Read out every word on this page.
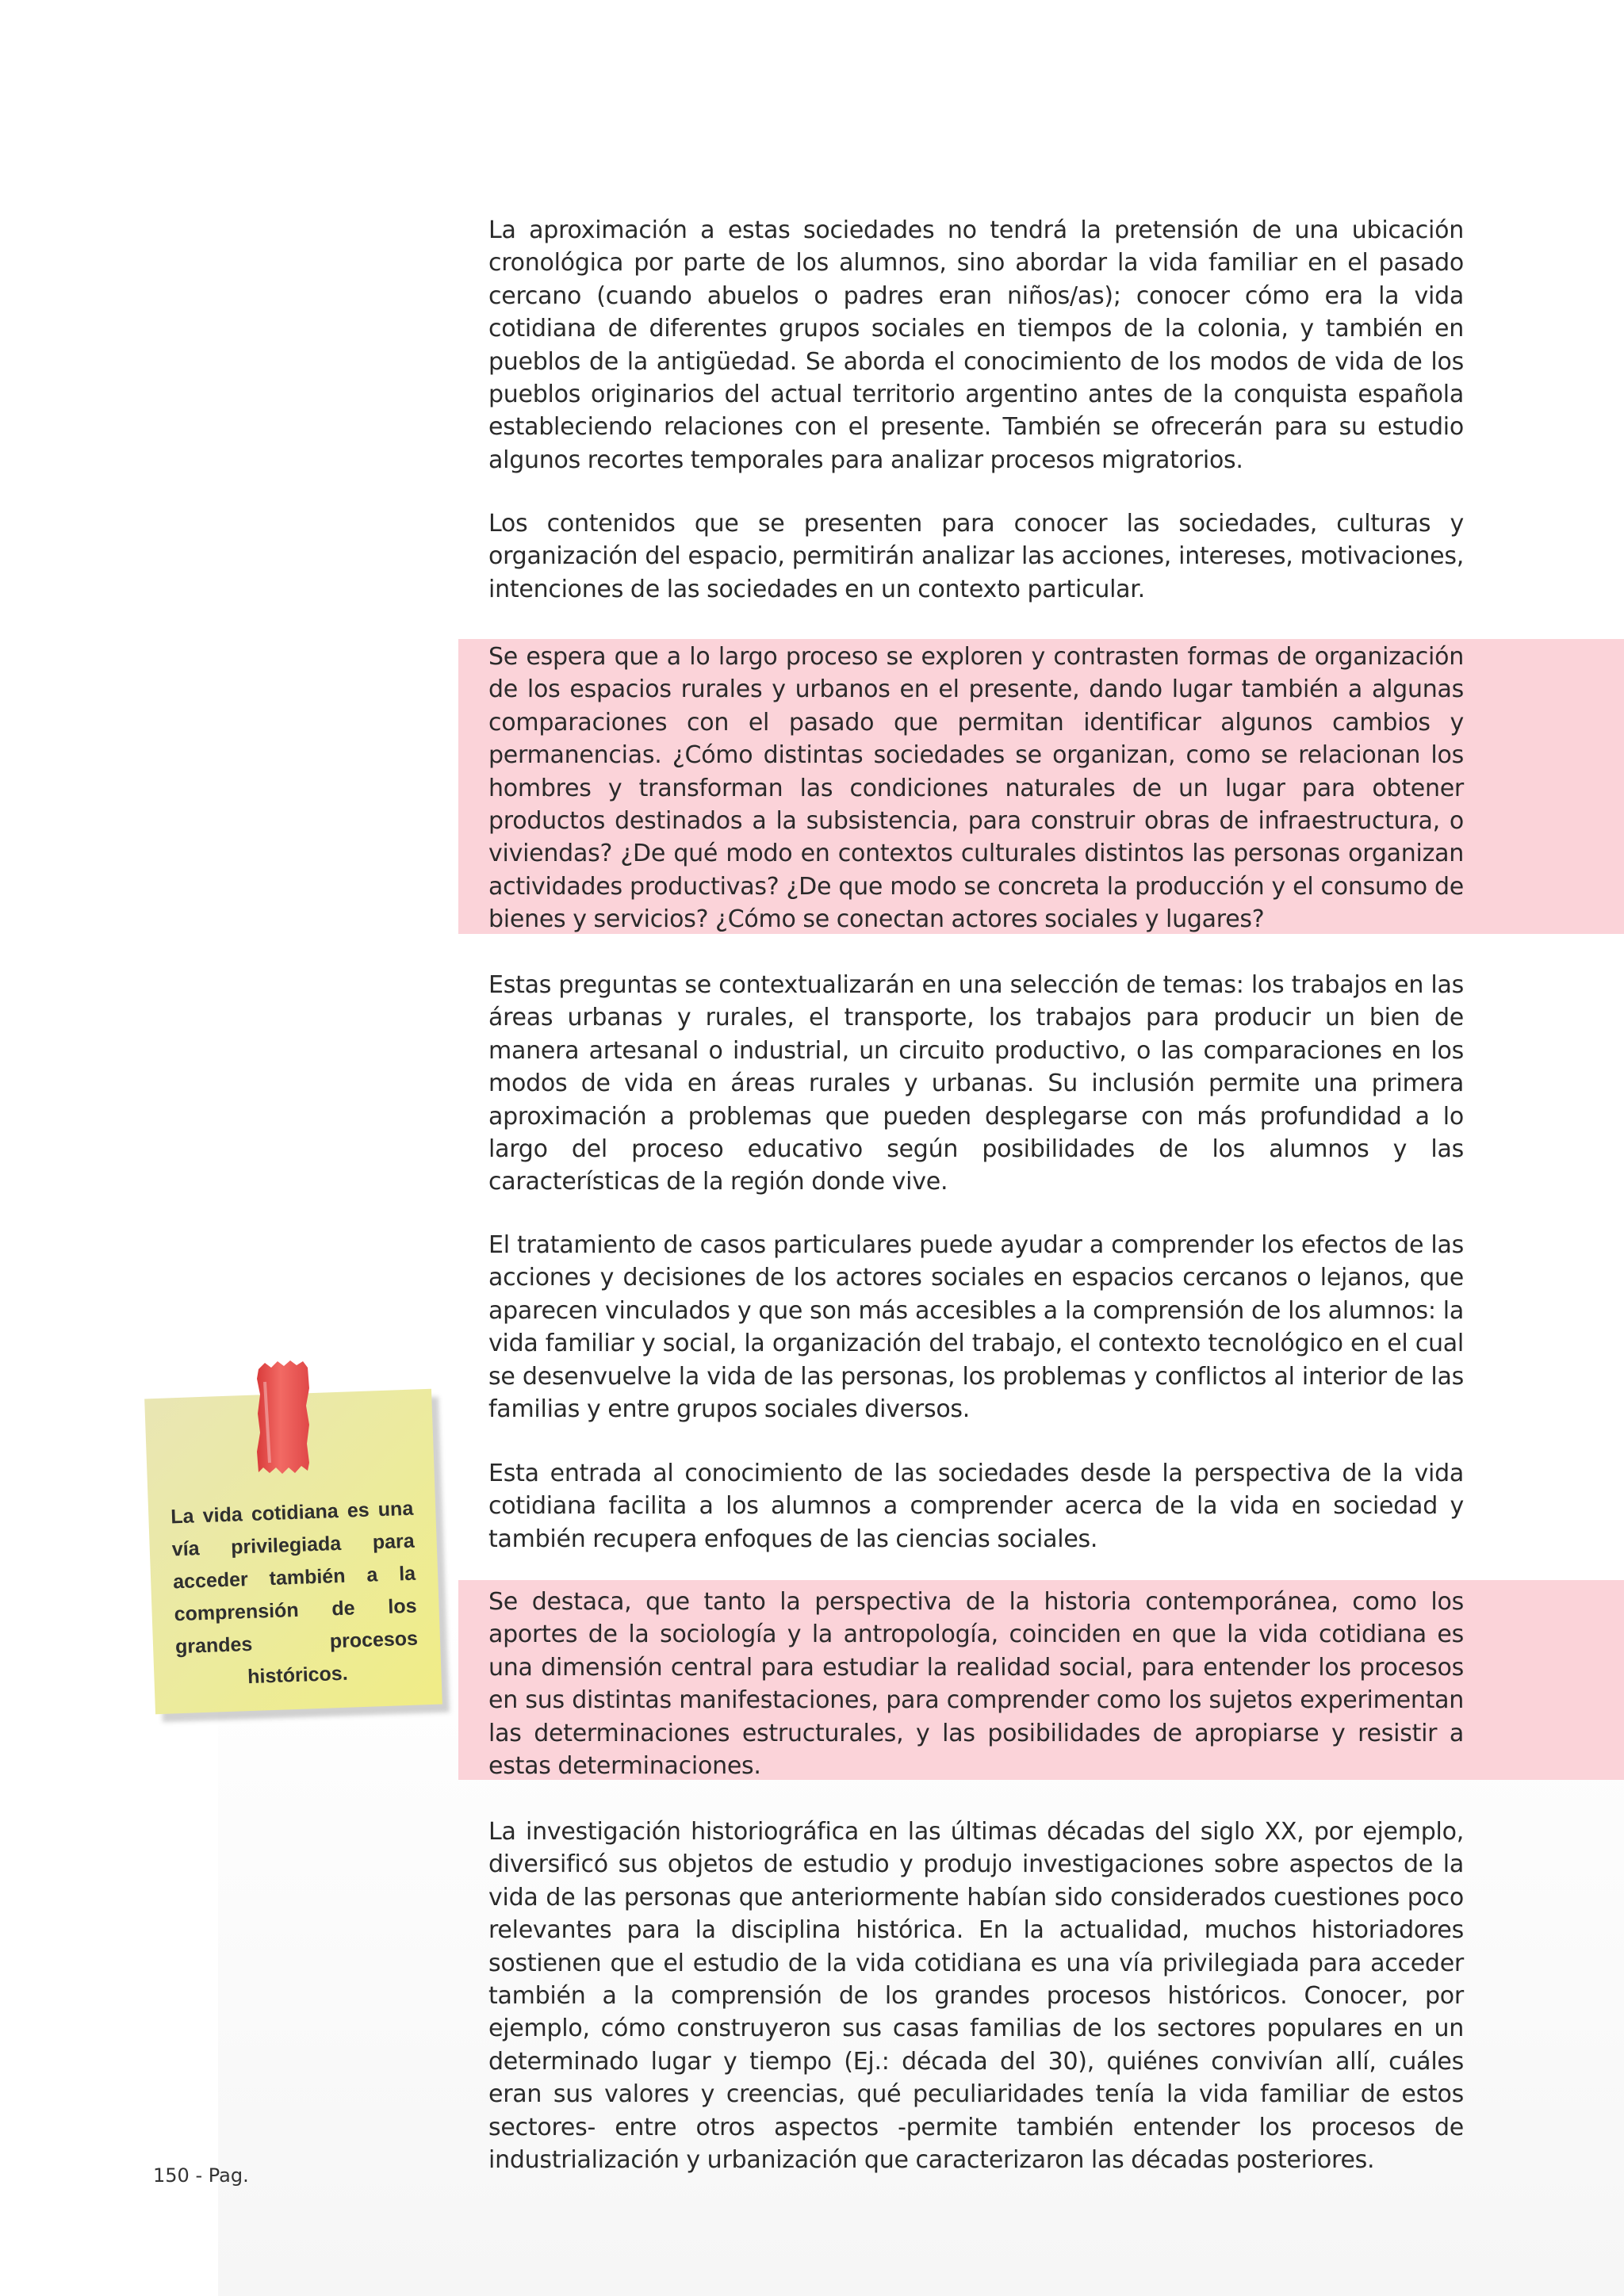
La aproximación a estas sociedades no tendrá la pretensión de una ubicación cronológica por parte de los alumnos, sino abordar la vida familiar en el pasado cercano (cuando abuelos o padres eran niños/as); conocer cómo era la vida cotidiana de diferentes grupos sociales en tiempos de la colonia, y también en pueblos de la antigüedad. Se aborda el conocimiento de los modos de vida de los pueblos originarios del actual territorio argentino antes de la conquista española estableciendo relaciones con el presente. También se ofrecerán para su estudio algunos recortes temporales para analizar procesos migratorios.

Los contenidos que se presenten para conocer las sociedades, culturas y organización del espacio, permitirán analizar las acciones, intereses, motivaciones, intenciones de las sociedades en un contexto particular.

Se espera que a lo largo proceso se exploren y contrasten formas de organización de los espacios rurales y urbanos en el presente, dando lugar también a algunas comparaciones con el pasado que permitan identificar algunos cambios y permanencias. ¿Cómo distintas sociedades se organizan, como se relacionan los hombres y transforman las condiciones naturales de un lugar para obtener productos destinados a la subsistencia, para construir obras de infraestructura, o viviendas? ¿De qué modo en contextos culturales distintos las personas organizan actividades productivas? ¿De que modo se concreta la producción y el consumo de bienes y servicios? ¿Cómo se conectan actores sociales y lugares?

Estas preguntas se contextualizarán en una selección de temas: los trabajos en las áreas urbanas y rurales, el transporte, los trabajos para producir un bien de manera artesanal o industrial, un circuito productivo, o las comparaciones en los modos de vida en áreas rurales y urbanas. Su inclusión permite una primera aproximación a problemas que pueden desplegarse con más profundidad a lo largo del proceso educativo según posibilidades de los alumnos y las características de la región donde vive.

El tratamiento de casos particulares puede ayudar a comprender los efectos de las acciones y decisiones de los actores sociales en espacios cercanos o lejanos, que aparecen vinculados y que son más accesibles a la comprensión de los alumnos: la vida familiar y social, la organización del trabajo, el contexto tecnológico en el cual se desenvuelve la vida de las personas, los problemas y conflictos al interior de las familias y entre grupos sociales diversos.

Esta entrada al conocimiento de las sociedades desde la perspectiva de la vida cotidiana facilita a los alumnos a comprender acerca de la vida en sociedad y también recupera enfoques de las ciencias sociales.

Se destaca, que tanto la perspectiva de la historia contemporánea, como los aportes de la sociología y la antropología, coinciden en que la vida cotidiana es una dimensión central para estudiar la realidad social, para entender los procesos en sus distintas manifestaciones, para comprender como los sujetos experimentan las determinaciones estructurales, y las posibilidades de apropiarse y resistir a estas determinaciones.

La investigación historiográfica en las últimas décadas del siglo XX, por ejemplo, diversificó sus objetos de estudio y produjo investigaciones sobre aspectos de la vida de las personas que anteriormente habían sido considerados cuestiones poco relevantes para la disciplina histórica. En la actualidad, muchos historiadores sostienen que el estudio de la vida cotidiana es una vía privilegiada para acceder también a la comprensión de los grandes procesos históricos. Conocer, por ejemplo, cómo construyeron sus casas familias de los sectores populares en un determinado lugar y tiempo (Ej.: década del 30), quiénes convivían allí, cuáles eran sus valores y creencias, qué peculiaridades tenía la vida familiar de estos sectores- entre otros aspectos -permite también entender los procesos de industrialización y urbanización que caracterizaron las décadas posteriores.

La vida cotidiana es una vía privilegiada para acceder también a la comprensión de los grandes procesos históricos.

150 - Pag.
